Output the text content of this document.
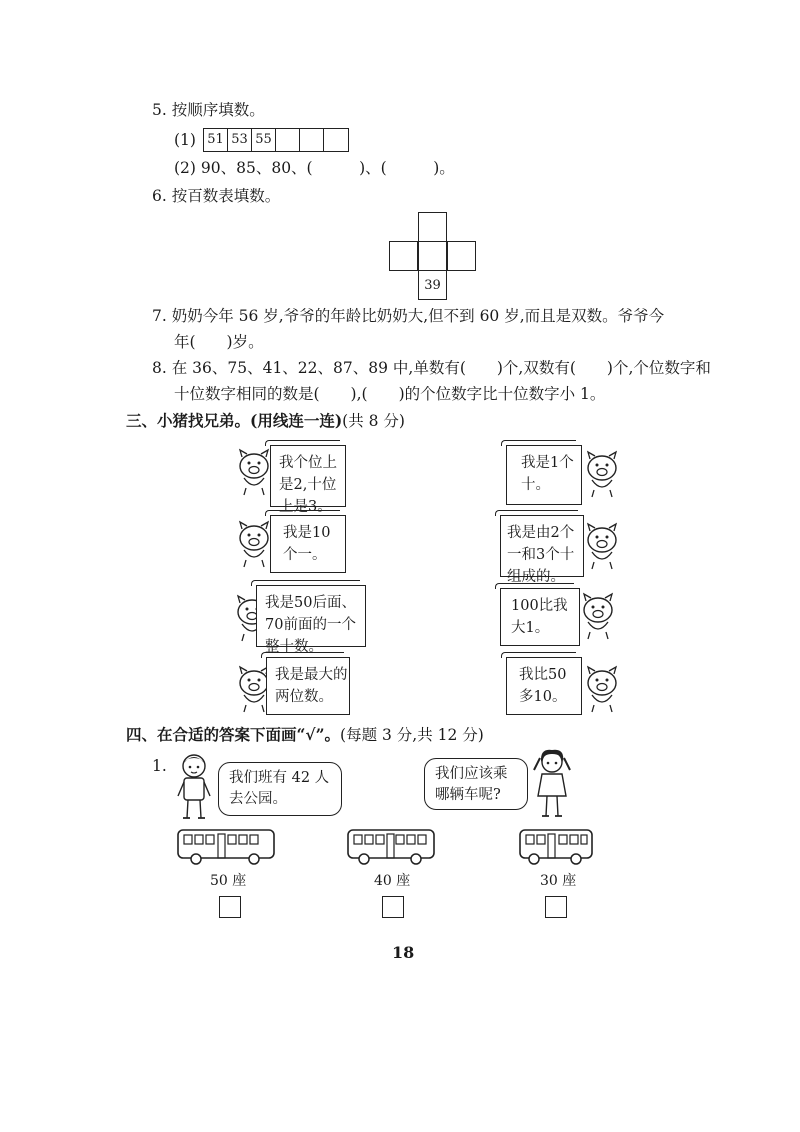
5. 按顺序填数。
(1) 51 53 55
(2) 90、85、80、(　　　)、(　　　)。
6. 按百数表填数。
39
7. 奶奶今年 56 岁,爷爷的年龄比奶奶大,但不到 60 岁,而且是双数。爷爷今
年(　　)岁。
8. 在 36、75、41、22、87、89 中,单数有(　　)个,双数有(　　)个,个位数字和
十位数字相同的数是(　　),(　　)的个位数字比十位数字小 1。
三、小猪找兄弟。(用线连一连)(共 8 分)
我个位上是2,十位上是3。
我是10个一。
我是50后面、70前面的一个整十数。
我是最大的两位数。
我是1个十。
我是由2个一和3个十组成的。
100比我大1。
我比50多10。
四、在合适的答案下面画“√”。(每题 3 分,共 12 分)
1.
我们班有 42 人去公园。
我们应该乘哪辆车呢?
50 座	40 座	30 座
18
